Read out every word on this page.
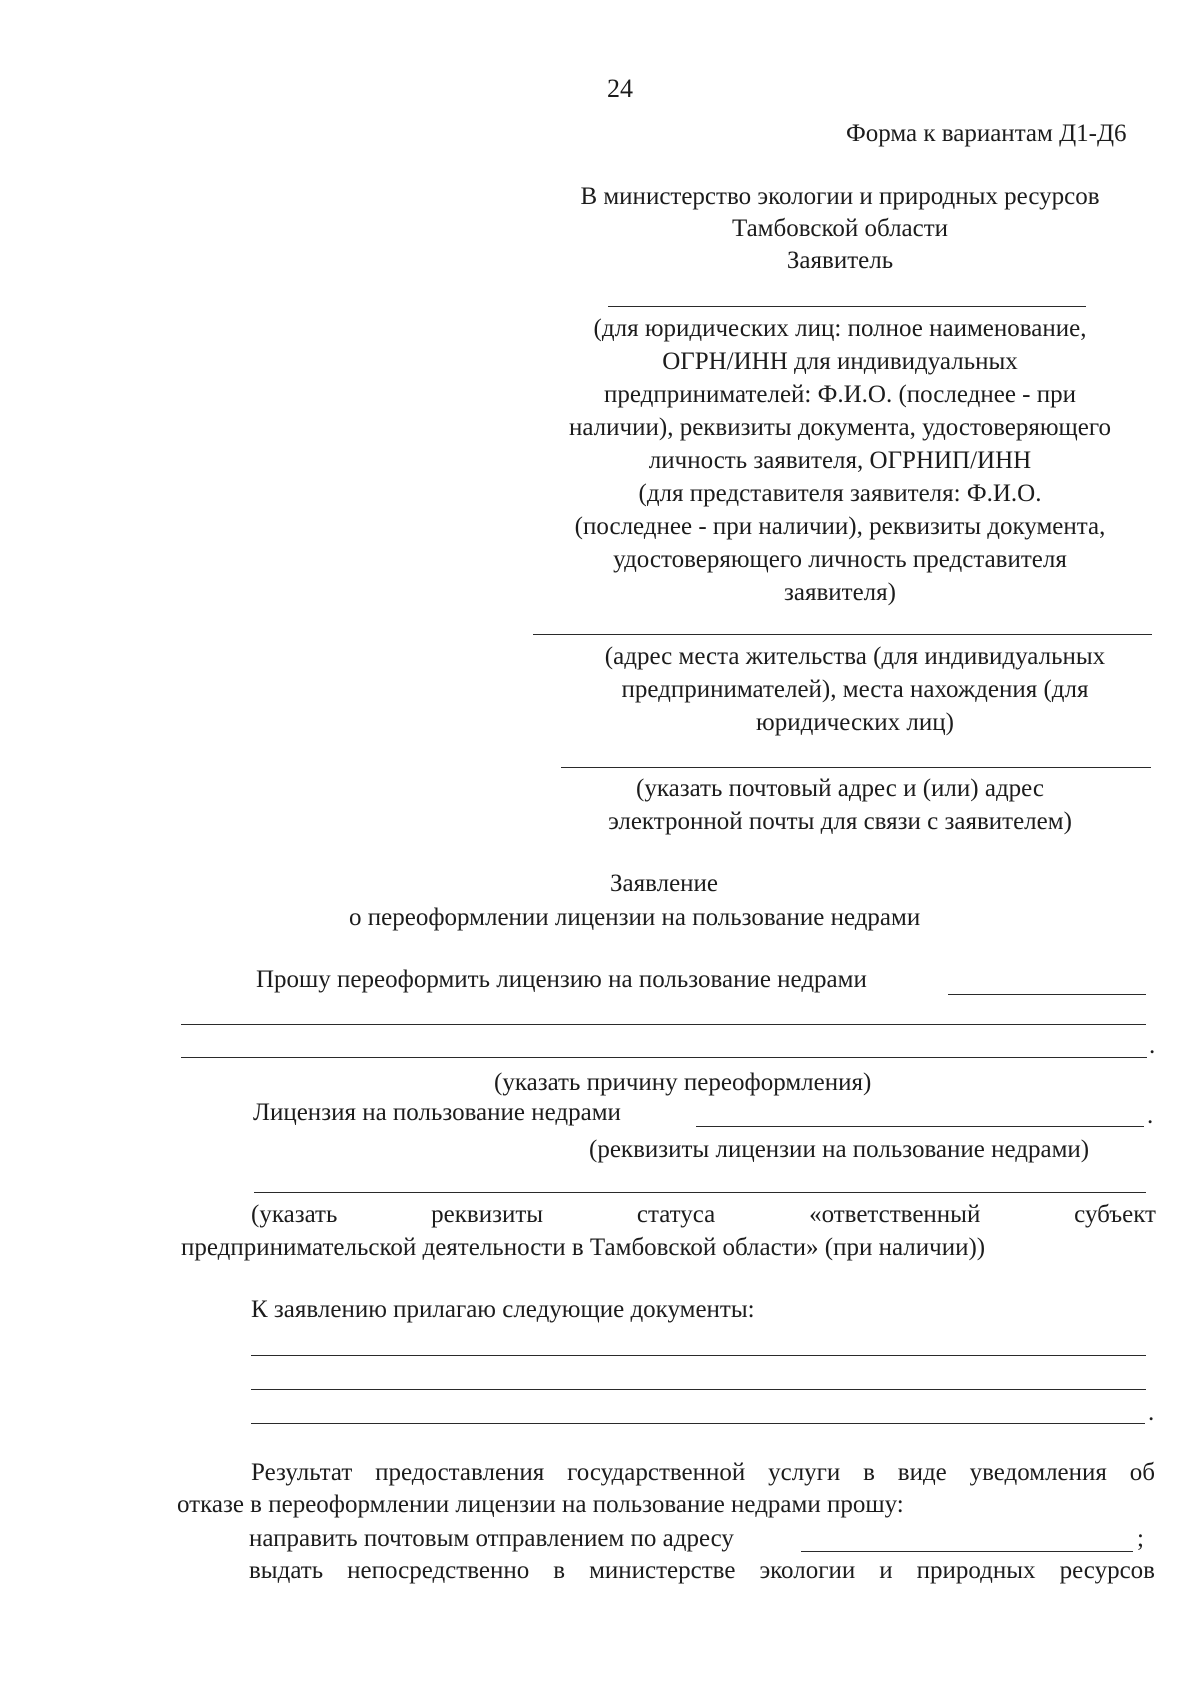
24
Форма к вариантам Д1-Д6
В министерство экологии и природных ресурсов
Тамбовской области
Заявитель
(для юридических лиц: полное наименование,
ОГРН/ИНН для индивидуальных
предпринимателей: Ф.И.О. (последнее - при
наличии), реквизиты документа, удостоверяющего
личность заявителя, ОГРНИП/ИНН
(для представителя заявителя: Ф.И.О.
(последнее - при наличии), реквизиты документа,
удостоверяющего личность представителя
заявителя)
(адрес места жительства (для индивидуальных
предпринимателей), места нахождения (для
юридических лиц)
(указать почтовый адрес и (или) адрес
электронной почты для связи с заявителем)
Заявление
о переоформлении лицензии на пользование недрами
Прошу переоформить лицензию на пользование недрами
.
(указать причину переоформления)
Лицензия на пользование недрами	.
(реквизиты лицензии на пользование недрами)
(указать	реквизиты	статуса	«ответственный	субъект
предпринимательской деятельности в Тамбовской области» (при наличии))
К заявлению прилагаю следующие документы:
.
Результат предоставления государственной услуги в виде уведомления об
отказе в переоформлении лицензии на пользование недрами прошу:
направить почтовым отправлением по адресу	;
выдать непосредственно в министерстве экологии и природных ресурсов
